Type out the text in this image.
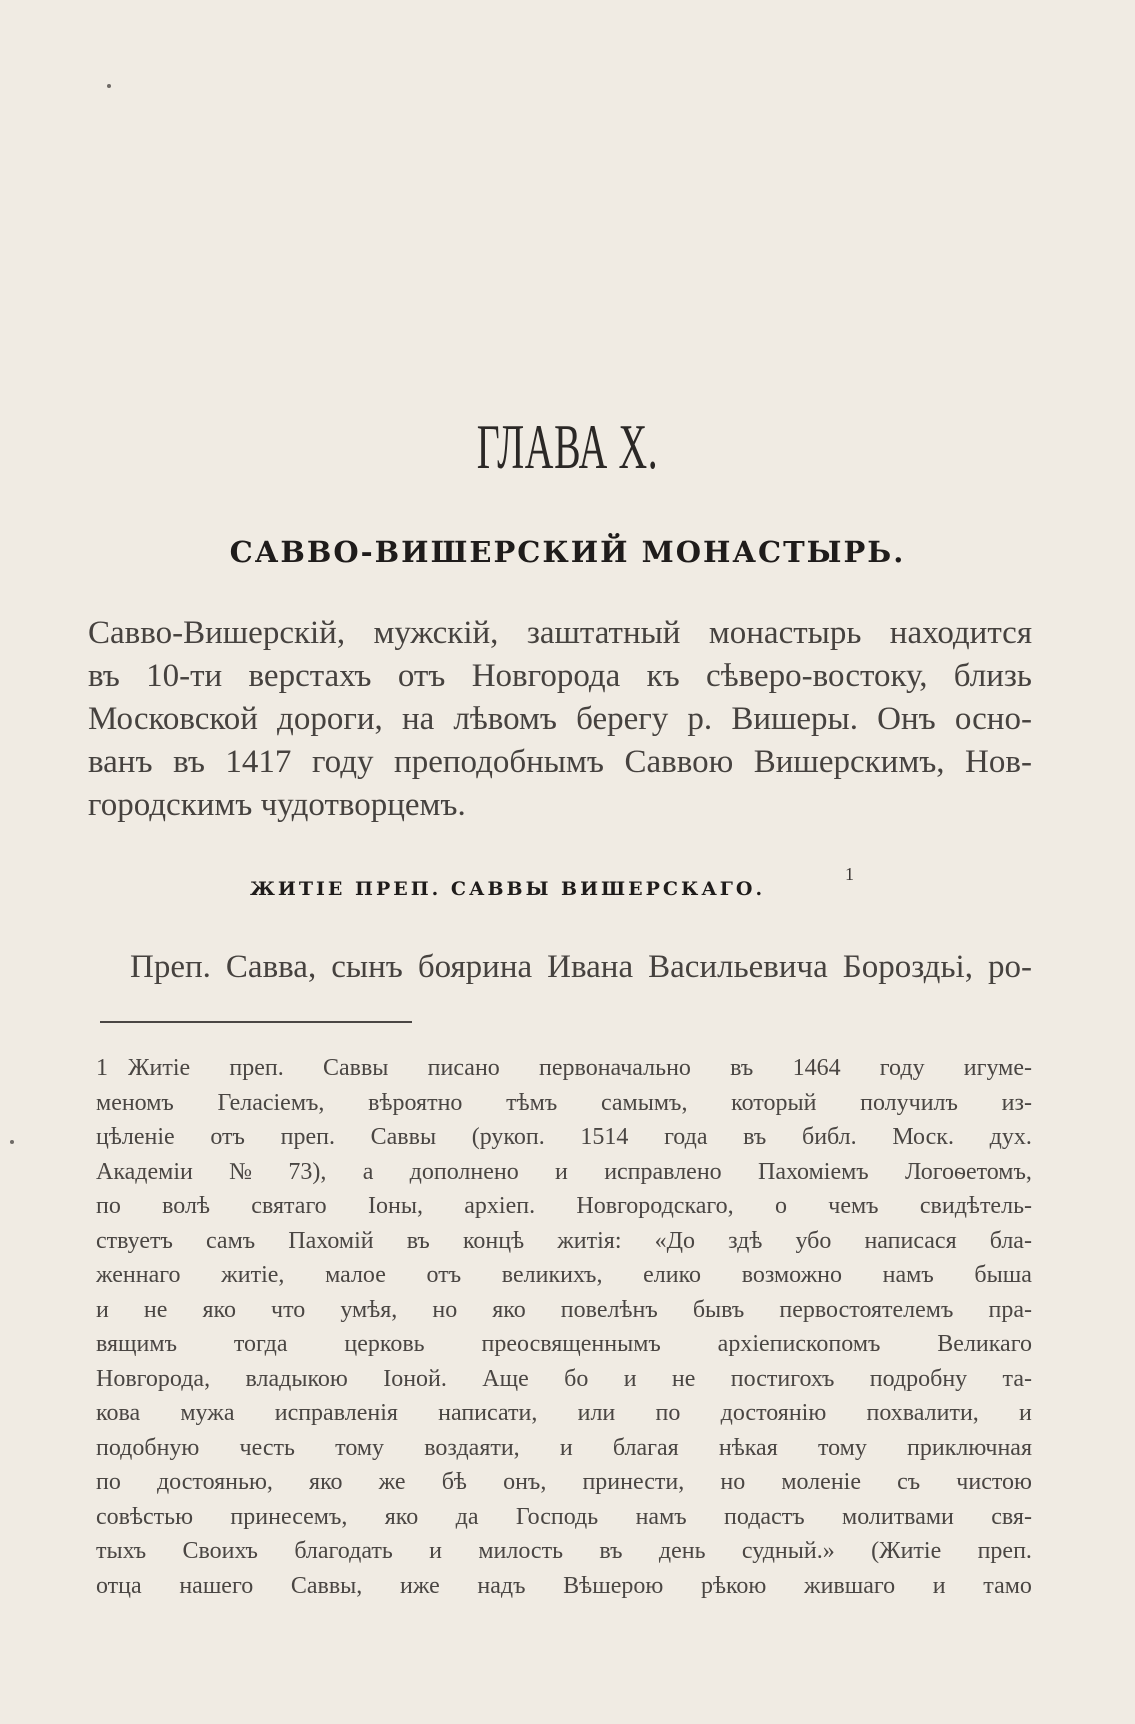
ГЛАВА X.
САВВО-ВИШЕРСКИЙ МОНАСТЫРЬ.
Савво-Вишерскій, мужскій, заштатный монастырь находится
въ 10-ти верстахъ отъ Новгорода къ сѣверо-востоку, близь
Московской дороги, на лѣвомъ берегу р. Вишеры. Онъ осно-
ванъ въ 1417 году преподобнымъ Саввою Вишерскимъ, Нов-
городскимъ чудотворцемъ.
ЖИТІЕ ПРЕП. САВВЫ ВИШЕРСКАГО.
1
Преп. Савва, сынъ боярина Ивана Васильевича Бороздьi, ро-
1 Житіе преп. Саввы писано первоначально въ 1464 году игуме-
меномъ Геласіемъ, вѣроятно тѣмъ самымъ, который получилъ из-
цѣленіе отъ преп. Саввы (рукоп. 1514 года въ библ. Моск. дух.
Академіи № 73), а дополнено и исправлено Пахоміемъ Логоѳетомъ,
по волѣ святаго Іоны, архіеп. Новгородскаго, о чемъ свидѣтель-
ствуетъ самъ Пахомій въ концѣ житія: «До здѣ убо написася бла-
женнаго житіе, малое отъ великихъ, елико возможно намъ быша
и не яко что умѣя, но яко повелѣнъ бывъ первостоятелемъ пра-
вящимъ тогда церковь преосвященнымъ архіепископомъ Великаго
Новгорода, владыкою Іоной. Аще бо и не постигохъ подробну та-
кова мужа исправленія написати, или по достоянію похвалити, и
подобную честь тому воздаяти, и благая нѣкая тому приключная
по достоянью, яко же бѣ онъ, принести, но моленіе съ чистою
совѣстью принесемъ, яко да Господь намъ подастъ молитвами свя-
тыхъ Своихъ благодать и милость въ день судный.» (Житіе преп.
отца нашего Саввы, иже надъ Вѣшерою рѣкою жившаго и тамо
